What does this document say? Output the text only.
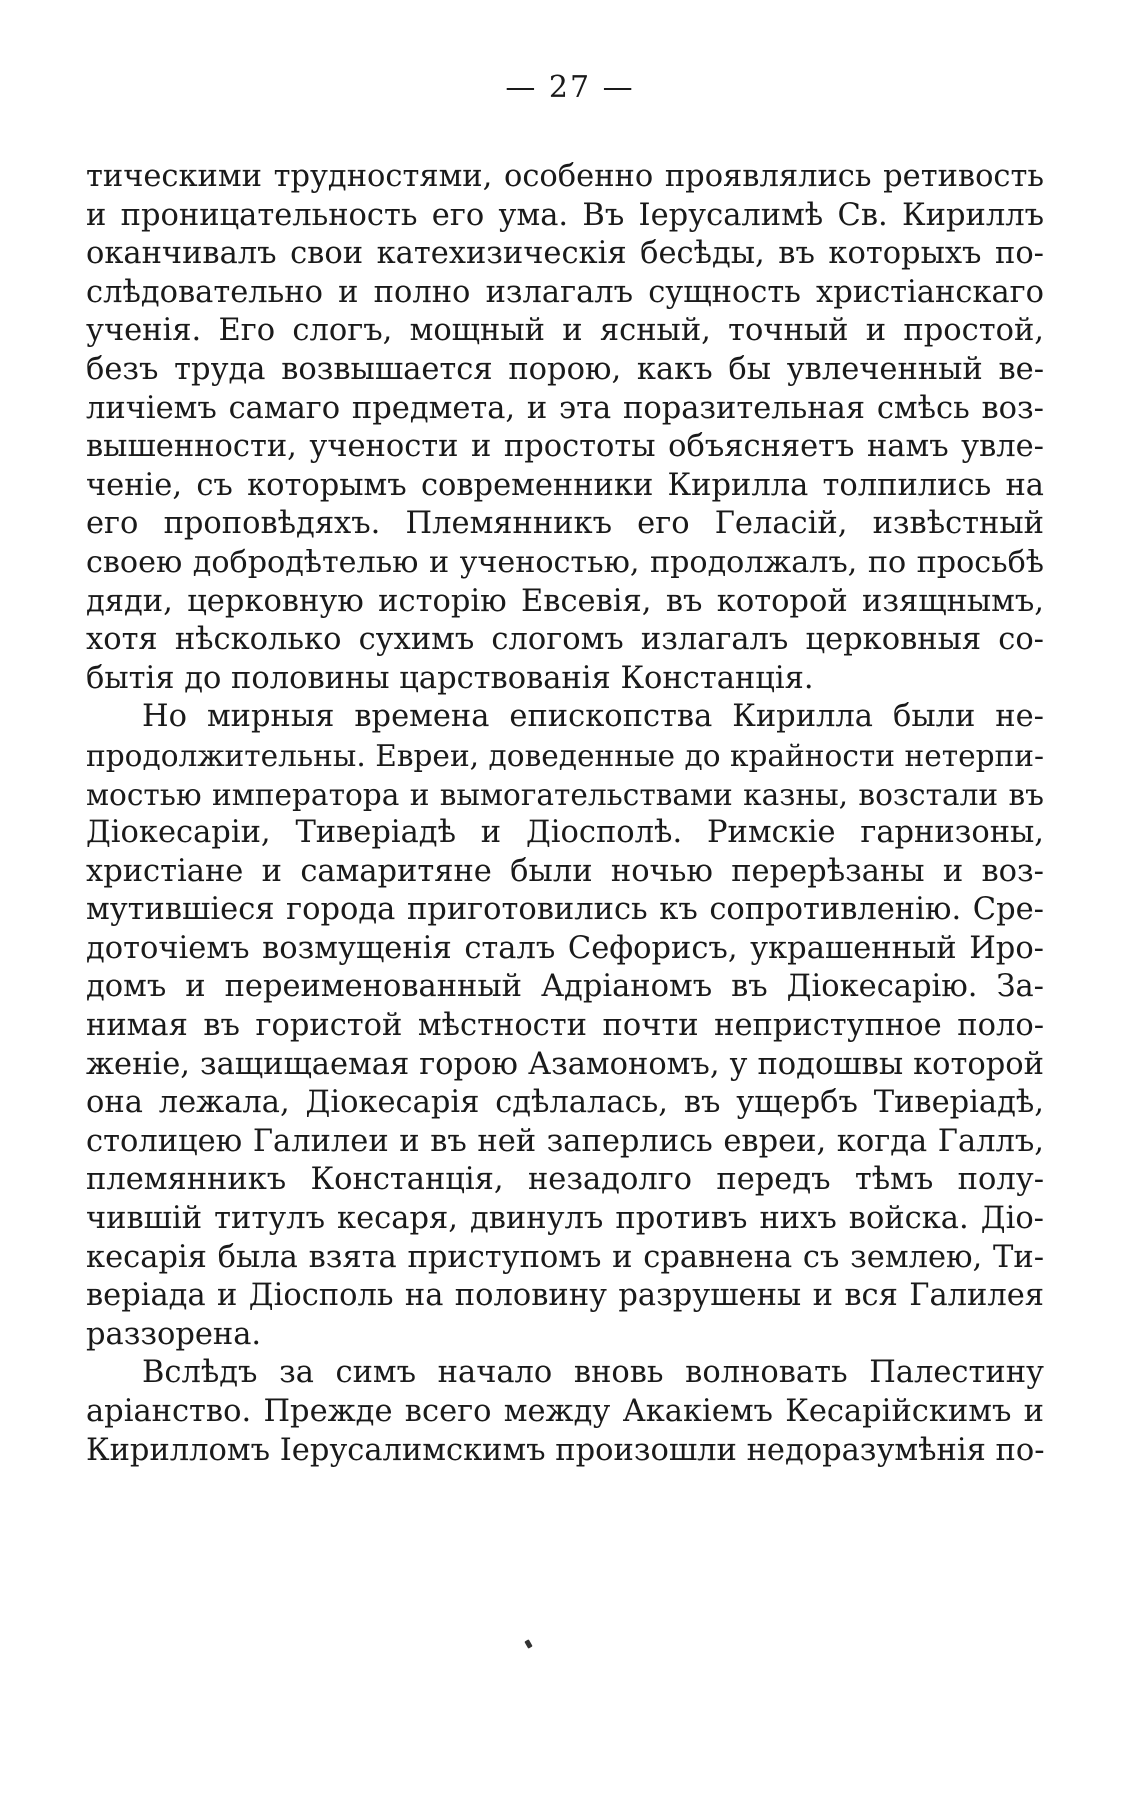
— 27 —
тическими трудностями, особенно проявлялись ретивость
и проницательность его ума. Въ Іерусалимѣ Св. Кириллъ
оканчивалъ свои катехизическія бесѣды, въ которыхъ по-
слѣдовательно и полно излагалъ сущность христіанскаго
ученія. Его слогъ, мощный и ясный, точный и простой,
безъ труда возвышается порою, какъ бы увлеченный ве-
личіемъ самаго предмета, и эта поразительная смѣсь воз-
вышенности, учености и простоты объясняетъ намъ увле-
ченіе, съ которымъ современники Кирилла толпились на
его проповѣдяхъ. Племянникъ его Геласій, извѣстный
своею добродѣтелью и ученостью, продолжалъ, по просьбѣ
дяди, церковную исторію Евсевія, въ которой изящнымъ,
хотя нѣсколько сухимъ слогомъ излагалъ церковныя со-
бытія до половины царствованія Констанція.
Но мирныя времена епископства Кирилла были не-
продолжительны. Евреи, доведенные до крайности нетерпи-
мостью императора и вымогательствами казны, возстали въ
Діокесаріи, Тиверіадѣ и Діосполѣ. Римскіе гарнизоны,
христіане и самаритяне были ночью перерѣзаны и воз-
мутившіеся города приготовились къ сопротивленію. Сре-
доточіемъ возмущенія сталъ Сефорисъ, украшенный Иро-
домъ и переименованный Адріаномъ въ Діокесарію. За-
нимая въ гористой мѣстности почти неприступное поло-
женіе, защищаемая горою Азамономъ, у подошвы которой
она лежала, Діокесарія сдѣлалась, въ ущербъ Тиверіадѣ,
столицею Галилеи и въ ней заперлись евреи, когда Галлъ,
племянникъ Констанція, незадолго передъ тѣмъ полу-
чившій титулъ кесаря, двинулъ противъ нихъ войска. Діо-
кесарія была взята приступомъ и сравнена съ землею, Ти-
веріада и Діосполь на половину разрушены и вся Галилея
раззорена.
Вслѣдъ за симъ начало вновь волновать Палестину
аріанство. Прежде всего между Акакіемъ Кесарійскимъ и
Кирилломъ Іерусалимскимъ произошли недоразумѣнія по-
